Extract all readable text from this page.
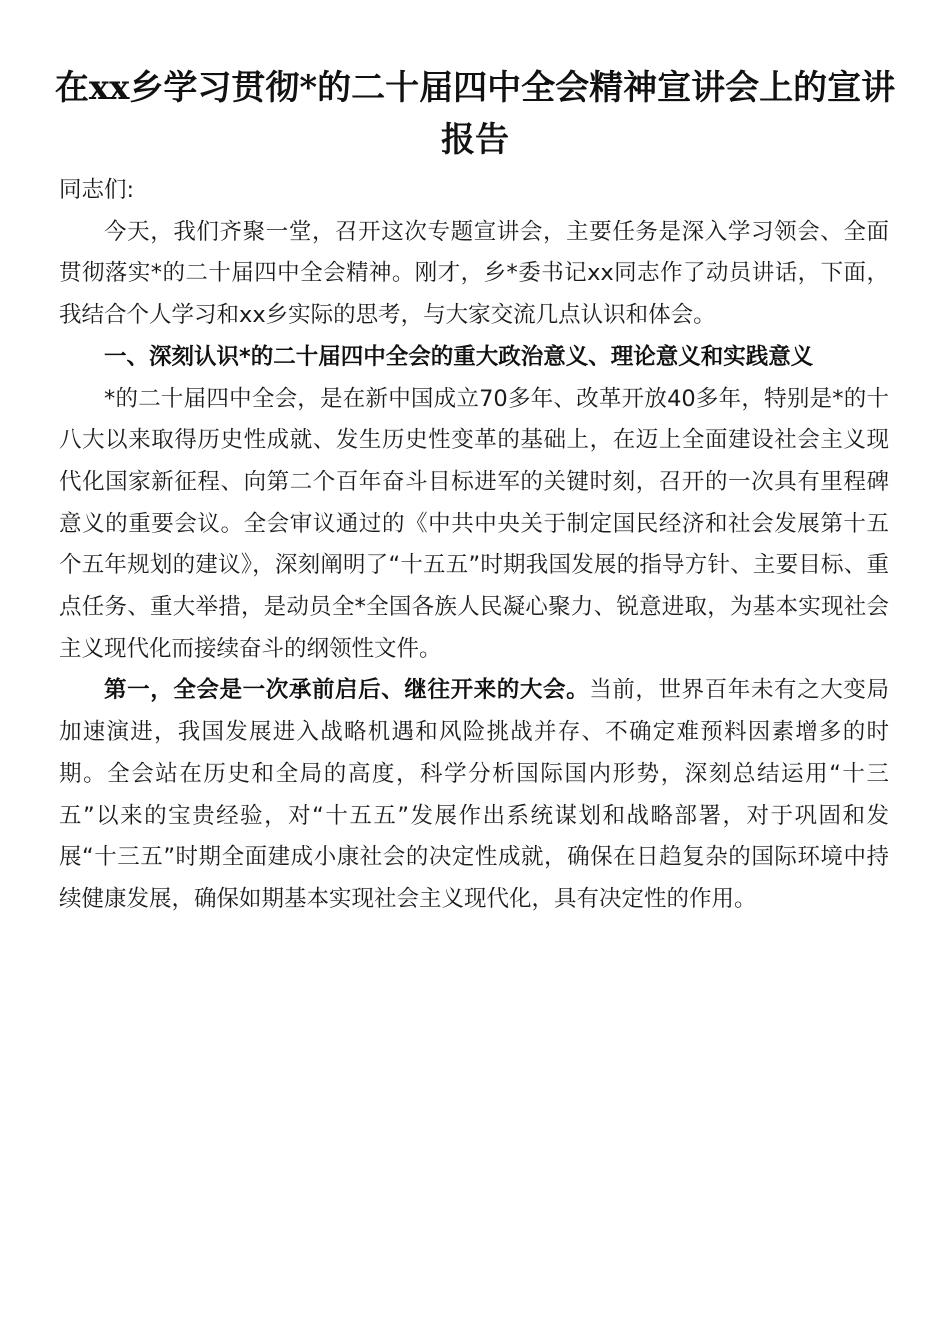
在xx乡学习贯彻*的二十届四中全会精神宣讲会上的宣讲报告

同志们:

今天，我们齐聚一堂，召开这次专题宣讲会，主要任务是深入学习领会、全面贯彻落实*的二十届四中全会精神。刚才，乡*委书记xx同志作了动员讲话，下面，我结合个人学习和xx乡实际的思考，与大家交流几点认识和体会。

一、深刻认识*的二十届四中全会的重大政治意义、理论意义和实践意义

*的二十届四中全会，是在新中国成立70多年、改革开放40多年，特别是*的十八大以来取得历史性成就、发生历史性变革的基础上，在迈上全面建设社会主义现代化国家新征程、向第二个百年奋斗目标进军的关键时刻，召开的一次具有里程碑意义的重要会议。全会审议通过的《中共中央关于制定国民经济和社会发展第十五个五年规划的建议》，深刻阐明了“十五五”时期我国发展的指导方针、主要目标、重点任务、重大举措，是动员全*全国各族人民凝心聚力、锐意进取，为基本实现社会主义现代化而接续奋斗的纲领性文件。

第一，全会是一次承前启后、继往开来的大会。当前，世界百年未有之大变局加速演进，我国发展进入战略机遇和风险挑战并存、不确定难预料因素增多的时期。全会站在历史和全局的高度，科学分析国际国内形势，深刻总结运用“十三五”以来的宝贵经验，对“十五五”发展作出系统谋划和战略部署，对于巩固和发展“十三五”时期全面建成小康社会的决定性成就，确保在日趋复杂的国际环境中持续健康发展，确保如期基本实现社会主义现代化，具有决定性的作用。
